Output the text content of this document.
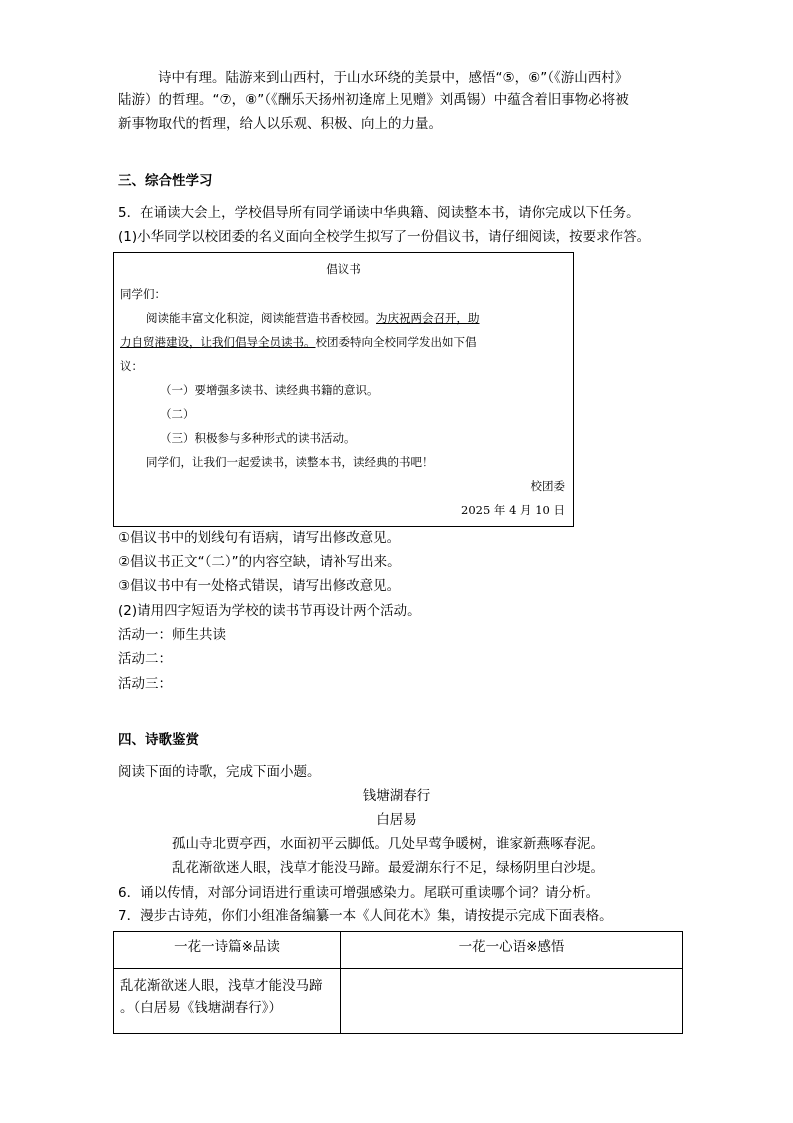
诗中有理。陆游来到山西村，于山水环绕的美景中，感悟“⑤，⑥”（《游山西村》
陆游）的哲理。“⑦，⑧”（《酬乐天扬州初逢席上见赠》刘禹锡）中蕴含着旧事物必将被
新事物取代的哲理，给人以乐观、积极、向上的力量。
三、综合性学习
5．在诵读大会上，学校倡导所有同学诵读中华典籍、阅读整本书，请你完成以下任务。
(1)小华同学以校团委的名义面向全校学生拟写了一份倡议书，请仔细阅读，按要求作答。
倡议书
同学们：
阅读能丰富文化积淀，阅读能营造书香校园。为庆祝两会召开，助
力自贸港建设，让我们倡导全员读书。校团委特向全校同学发出如下倡
议：
（一）要增强多读书、读经典书籍的意识。
（二）
（三）积极参与多种形式的读书活动。
同学们，让我们一起爱读书，读整本书，读经典的书吧！
校团委
2025 年 4 月 10 日
①倡议书中的划线句有语病，请写出修改意见。
②倡议书正文“（二）”的内容空缺，请补写出来。
③倡议书中有一处格式错误，请写出修改意见。
(2)请用四字短语为学校的读书节再设计两个活动。
活动一：师生共读
活动二：
活动三：
四、诗歌鉴赏
阅读下面的诗歌，完成下面小题。
钱塘湖春行
白居易
孤山寺北贾亭西，水面初平云脚低。几处早莺争暖树，谁家新燕啄春泥。
乱花渐欲迷人眼，浅草才能没马蹄。最爱湖东行不足，绿杨阴里白沙堤。
6．诵以传情，对部分词语进行重读可增强感染力。尾联可重读哪个词？请分析。
7．漫步古诗苑，你们小组准备编纂一本《人间花木》集，请按提示完成下面表格。
一花一诗篇※品读	一花一心语※感悟

乱花渐欲迷人眼，浅草才能没马蹄
。（白居易《钱塘湖春行》）	
